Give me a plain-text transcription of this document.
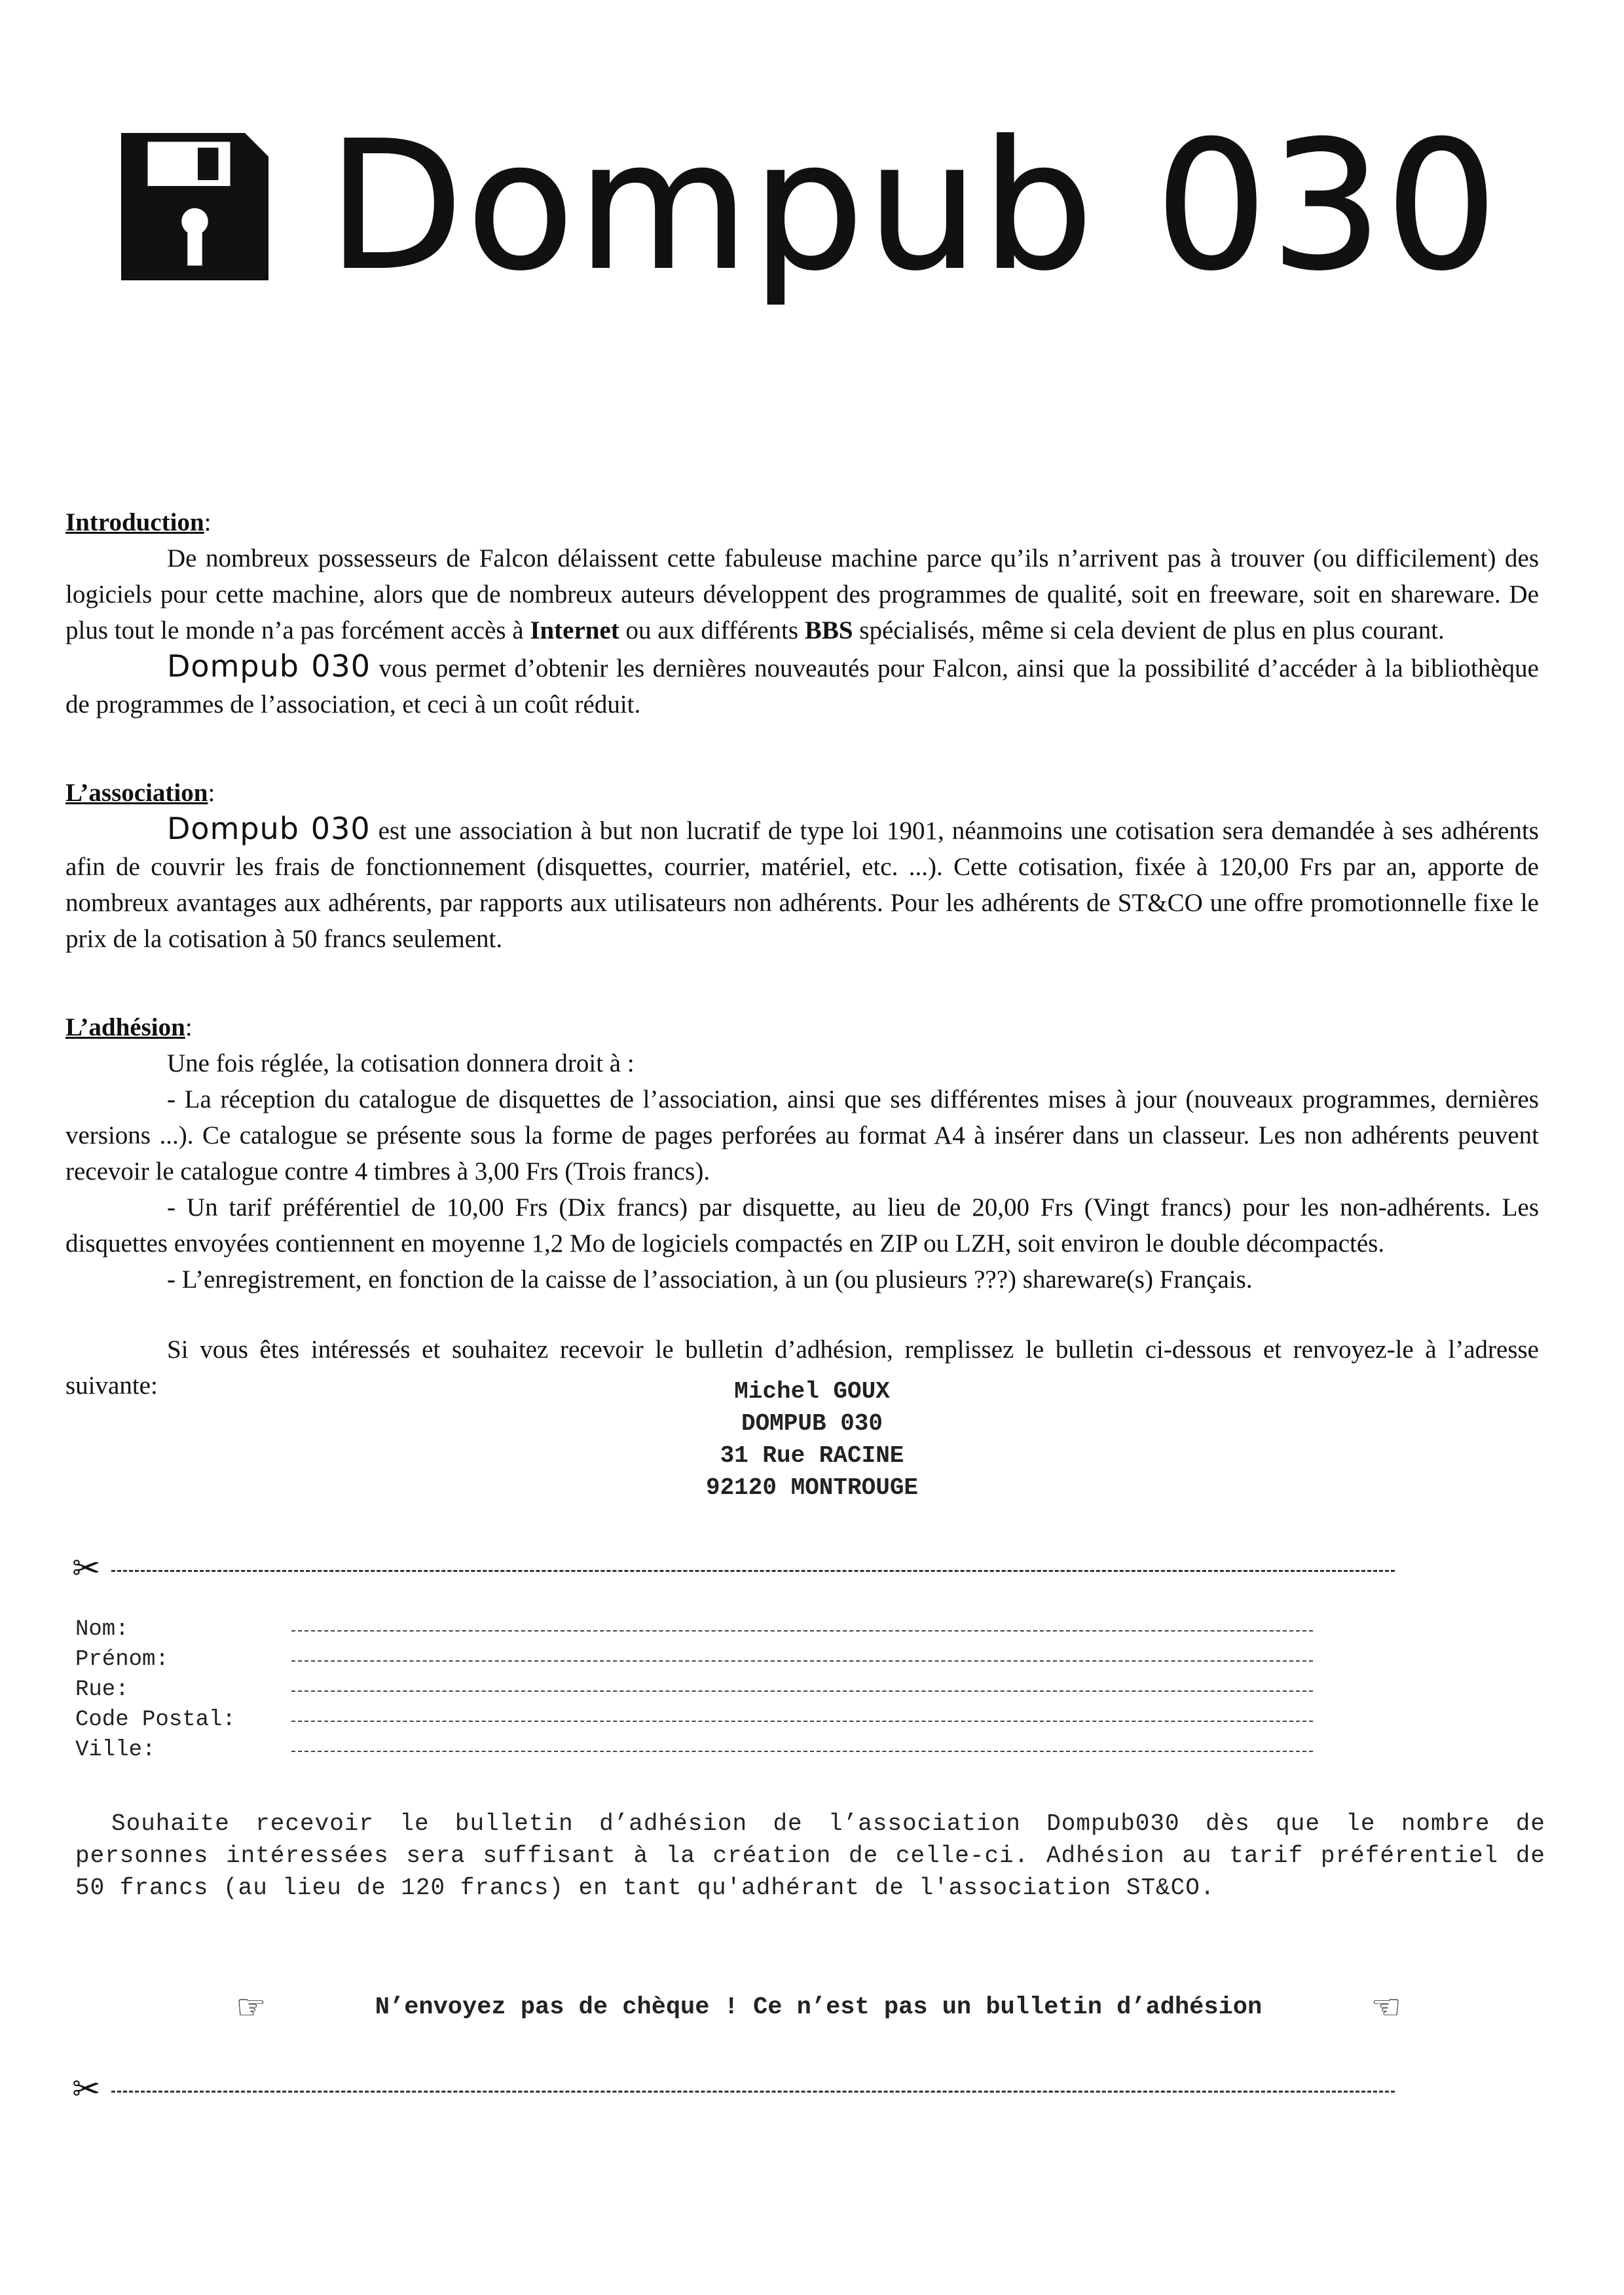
Dompub 030
Introduction:

De nombreux possesseurs de Falcon délaissent cette fabuleuse machine parce qu’ils n’arrivent pas à trouver (ou difficilement) des logiciels pour cette machine, alors que de nombreux auteurs développent des programmes de qualité, soit en freeware, soit en shareware. De plus tout le monde n’a pas forcément accès à Internet ou aux différents BBS spécialisés, même si cela devient de plus en plus courant.

Dompub 030 vous permet d’obtenir les dernières nouveautés pour Falcon, ainsi que la possibilité d’accéder à la bibliothèque de programmes de l’association, et ceci à un coût réduit.

L’association:

Dompub 030 est une association à but non lucratif de type loi 1901, néanmoins une cotisation sera demandée à ses adhérents afin de couvrir les frais de fonctionnement (disquettes, courrier, matériel, etc. ...). Cette cotisation, fixée à 120,00 Frs par an, apporte de nombreux avantages aux adhérents, par rapports aux utilisateurs non adhérents. Pour les adhérents de ST&CO une offre promotionnelle fixe le prix de la cotisation à 50 francs seulement.

L’adhésion:

Une fois réglée, la cotisation donnera droit à :

- La réception du catalogue de disquettes de l’association, ainsi que ses différentes mises à jour (nouveaux programmes, dernières versions ...). Ce catalogue se présente sous la forme de pages perforées au format A4 à insérer dans un classeur. Les non adhérents peuvent recevoir le catalogue contre 4 timbres à 3,00 Frs (Trois francs).

- Un tarif préférentiel de 10,00 Frs (Dix francs) par disquette, au lieu de 20,00 Frs (Vingt francs) pour les non-adhérents. Les disquettes envoyées contiennent en moyenne 1,2 Mo de logiciels compactés en ZIP ou LZH, soit environ le double décompactés.

- L’enregistrement, en fonction de la caisse de l’association, à un (ou plusieurs ???) shareware(s) Français.

Si vous êtes intéressés et souhaitez recevoir le bulletin d’adhésion, remplissez le bulletin ci-dessous et renvoyez-le à l’adresse suivante:	Michel GOUX
DOMPUB 030
31 Rue RACINE
92120 MONTROUGE
✂
Nom:
Prénom:
Rue:
Code Postal:
Ville:
Souhaite recevoir le bulletin d’adhésion de l’association Dompub030 dès que le nombre de personnes intéressées sera suffisant à la création de celle-ci. Adhésion au tarif préférentiel de 50 francs (au lieu de 120 francs) en tant qu'adhérant de l'association ST&CO.
☞	N’envoyez pas de chèque ! Ce n’est pas un bulletin d’adhésion	☜
✂
